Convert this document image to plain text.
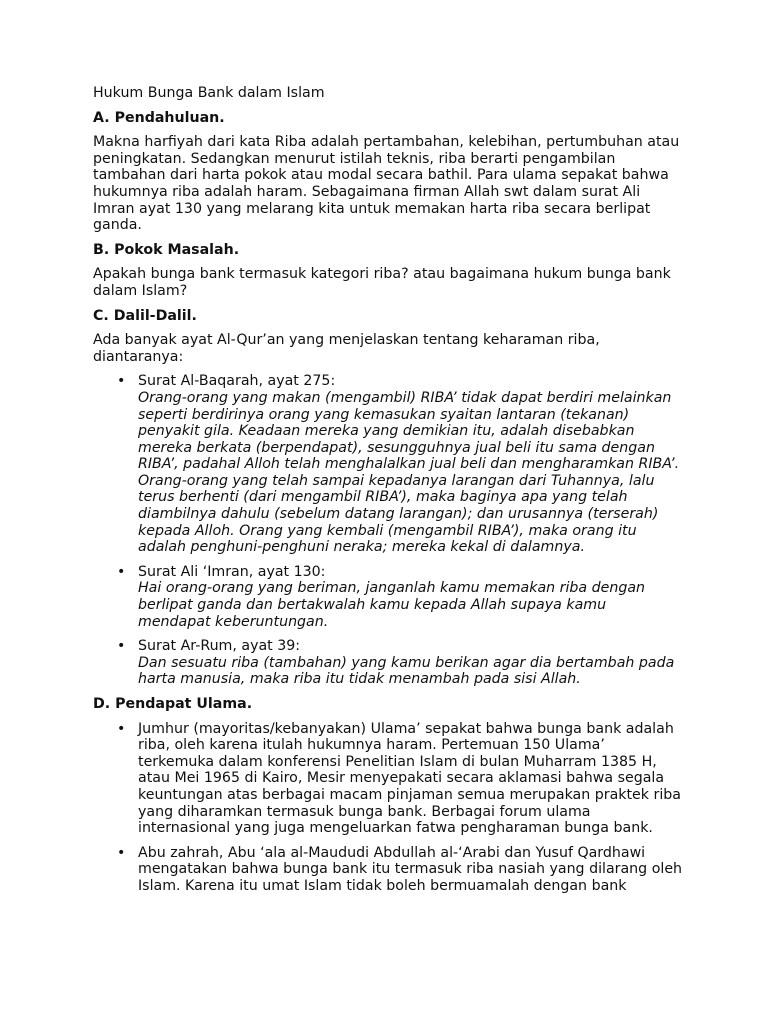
Hukum Bunga Bank dalam Islam
A. Pendahuluan.

Makna harfiyah dari kata Riba adalah pertambahan, kelebihan, pertumbuhan atau peningkatan. Sedangkan menurut istilah teknis, riba berarti pengambilan tambahan dari harta pokok atau modal secara bathil. Para ulama sepakat bahwa hukumnya riba adalah haram. Sebagaimana firman Allah swt dalam surat Ali Imran ayat 130 yang melarang kita untuk memakan harta riba secara berlipat ganda.

B. Pokok Masalah.

Apakah bunga bank termasuk kategori riba? atau bagaimana hukum bunga bank dalam Islam?

C. Dalil-Dalil.

Ada banyak ayat Al-Qur’an yang menjelaskan tentang keharaman riba, diantaranya:

• Surat Al-Baqarah, ayat 275:
Orang-orang yang makan (mengambil) RIBA’ tidak dapat berdiri melainkan seperti berdirinya orang yang kemasukan syaitan lantaran (tekanan) penyakit gila. Keadaan mereka yang demikian itu, adalah disebabkan mereka berkata (berpendapat), sesungguhnya jual beli itu sama dengan RIBA’, padahal Alloh telah menghalalkan jual beli dan mengharamkan RIBA’. Orang-orang yang telah sampai kepadanya larangan dari Tuhannya, lalu terus berhenti (dari mengambil RIBA’), maka baginya apa yang telah diambilnya dahulu (sebelum datang larangan); dan urusannya (terserah) kepada Alloh. Orang yang kembali (mengambil RIBA’), maka orang itu adalah penghuni-penghuni neraka; mereka kekal di dalamnya.
• Surat Ali ‘Imran, ayat 130:
Hai orang-orang yang beriman, janganlah kamu memakan riba dengan berlipat ganda dan bertakwalah kamu kepada Allah supaya kamu mendapat keberuntungan.
• Surat Ar-Rum, ayat 39:
Dan sesuatu riba (tambahan) yang kamu berikan agar dia bertambah pada harta manusia, maka riba itu tidak menambah pada sisi Allah.
D. Pendapat Ulama.
• Jumhur (mayoritas/kebanyakan) Ulama’ sepakat bahwa bunga bank adalah riba, oleh karena itulah hukumnya haram. Pertemuan 150 Ulama’ terkemuka dalam konferensi Penelitian Islam di bulan Muharram 1385 H, atau Mei 1965 di Kairo, Mesir menyepakati secara aklamasi bahwa segala keuntungan atas berbagai macam pinjaman semua merupakan praktek riba yang diharamkan termasuk bunga bank. Berbagai forum ulama internasional yang juga mengeluarkan fatwa pengharaman bunga bank.
• Abu zahrah, Abu ‘ala al-Maududi Abdullah al-‘Arabi dan Yusuf Qardhawi mengatakan bahwa bunga bank itu termasuk riba nasiah yang dilarang oleh Islam. Karena itu umat Islam tidak boleh bermuamalah dengan bank
